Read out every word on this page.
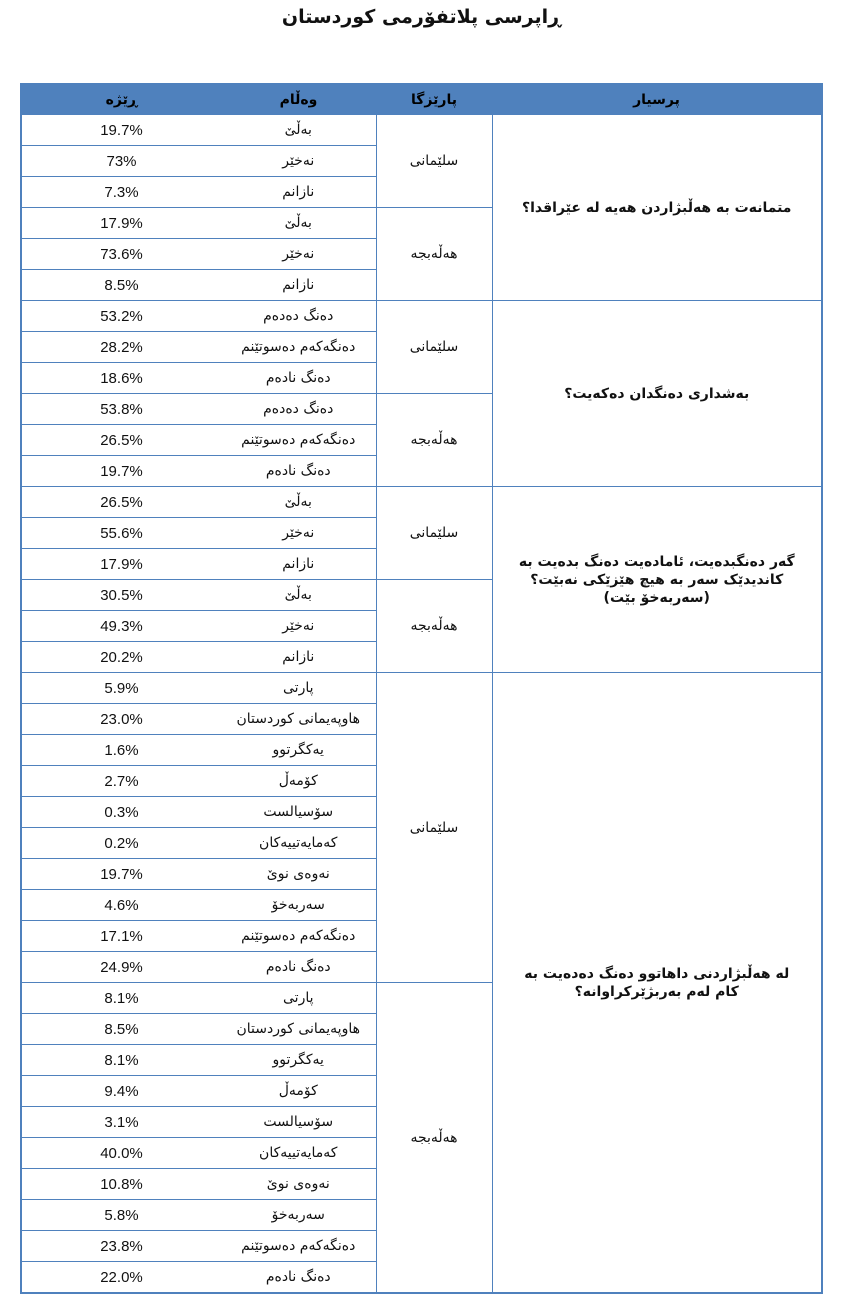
ڕاپرسی پلاتفۆرمی کوردستان
ڕێژە	وەڵام	پارێزگا	پرسیار
19.7%	بەڵێ	سلێمانی	متمانەت بە هەڵبژاردن هەیە لە عێراقدا؟
73%	نەخێر		
7.3%	نازانم		
17.9%	بەڵێ	هەڵەبجە	
73.6%	نەخێر		
8.5%	نازانم		
53.2%	دەنگ دەدەم	سلێمانی	بەشداری دەنگدان دەکەیت؟
28.2%	دەنگەکەم دەسوتێنم		
18.6%	دەنگ نادەم		
53.8%	دەنگ دەدەم	هەڵەبجە	
26.5%	دەنگەکەم دەسوتێنم		
19.7%	دەنگ نادەم		
26.5%	بەڵێ	سلێمانی	گەر دەنگبدەیت، ئامادەیت دەنگ بدەیت بە کاندیدێک سەر بە هیچ هێزێکی نەبێت؟ (سەربەخۆ بێت)
55.6%	نەخێر		
17.9%	نازانم		
30.5%	بەڵێ	هەڵەبجە	
49.3%	نەخێر		
20.2%	نازانم		
5.9%	پارتی	سلێمانی	لە هەڵبژاردنی داهاتوو دەنگ دەدەیت بە کام لەم بەربژێرکراوانە؟
23.0%	هاوپەیمانی کوردستان		
1.6%	یەکگرتوو		
2.7%	کۆمەڵ		
0.3%	سۆسیالست		
0.2%	کەمایەتییەکان		
19.7%	نەوەی نوێ		
4.6%	سەربەخۆ		
17.1%	دەنگەکەم دەسوتێنم		
24.9%	دەنگ نادەم		
8.1%	پارتی	هەڵەبجە	
8.5%	هاوپەیمانی کوردستان		
8.1%	یەکگرتوو		
9.4%	کۆمەڵ		
3.1%	سۆسیالست		
40.0%	کەمایەتییەکان		
10.8%	نەوەی نوێ		
5.8%	سەربەخۆ		
23.8%	دەنگەکەم دەسوتێنم		
22.0%	دەنگ نادەم		
